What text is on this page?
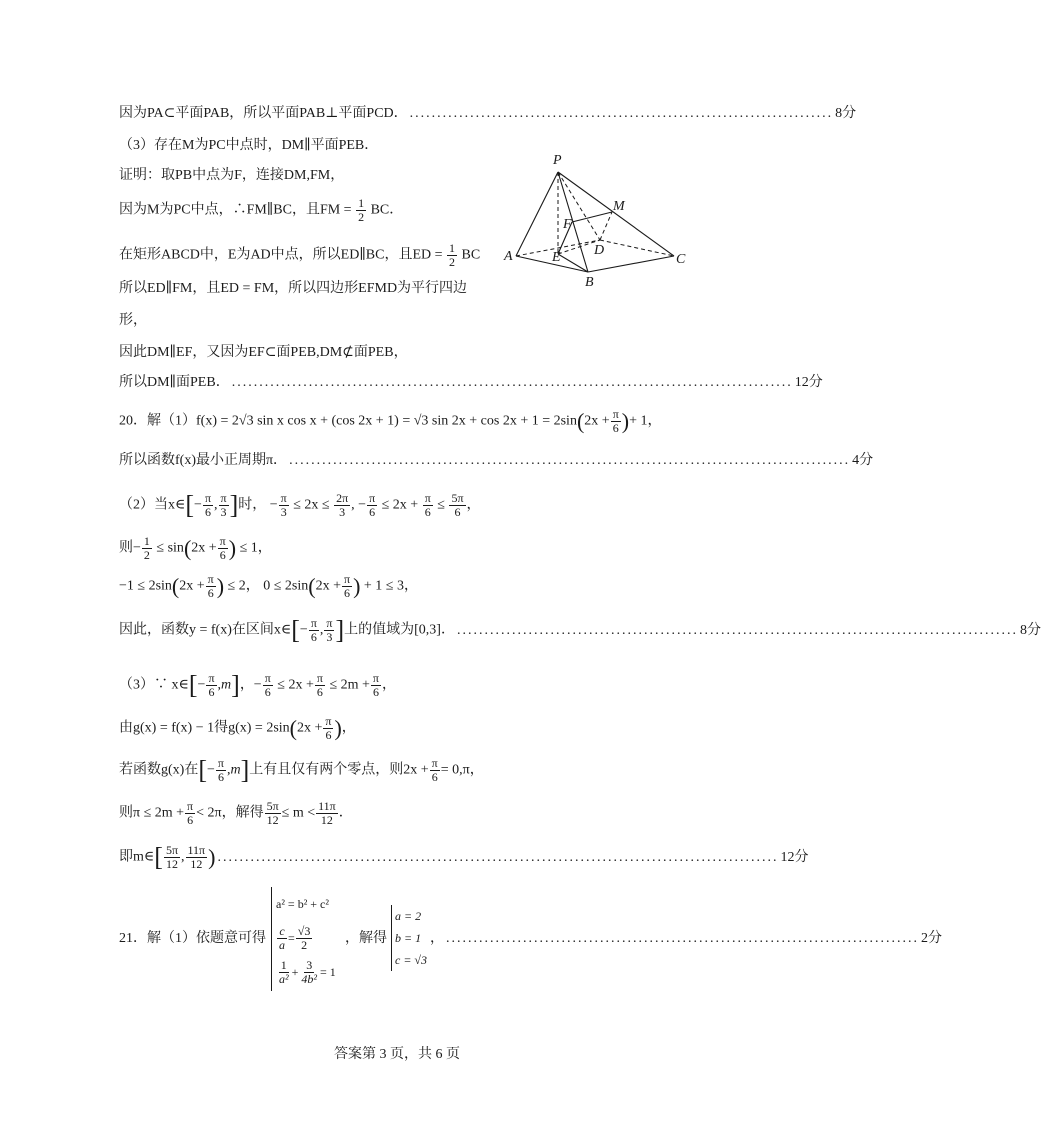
因为PA⊂平面PAB，所以平面PAB⊥平面PCD． ............................................................................. 8分
（3）存在M为PC中点时，DM∥平面PEB．
证明：取PB中点为F，连接DM,FM，
因为M为PC中点，∴FM∥BC，且FM = $\frac{1}{2}$ BC．
在矩形ABCD中，E为AD中点，所以ED∥BC，且ED = $\frac{1}{2}$ BC
所以ED∥FM，且ED = FM，所以四边形EFMD为平行四边
形，
因此DM∥EF，又因为EF⊂面PEB,DM⊄面PEB，
所以DM∥面PEB． ...................................................................................................... 12分
P
M
F
D
E
A
B
C
20．解（1）f(x) = 2√3 sin x cos x + (cos 2x + 1) = √3 $\sin 2x + \cos 2x + 1 = 2\sin(2x + \frac{\pi}{6}$ )+ 1，
所以函数f(x)最小正周期π． ...................................................................................................... 4分
（2）当x∈[− $\frac{\pi}{6}$ , $\frac{\pi}{3}$ ]时， − $\frac{\pi}{3} \le 2x \le \frac{2\pi}{3}$ , − $\frac{\pi}{6} \le 2x + \frac{\pi}{6} \le \frac{5\pi}{6}$ ，
则− $\frac{1}{2} \le \sin(2x + \frac{\pi}{6}$ ) ≤ 1，
$-1 \le 2\sin(2x + \frac{\pi}{6}$ ) ≤ 2， $0 \le 2\sin(2x + \frac{\pi}{6}$ ) + 1 ≤ 3，
因此，函数y = f(x)在区间x∈[− $\frac{\pi}{6}$ , $\frac{\pi}{3}$ ]上的值域为[0,3]． ...................................................................................................... 8分
（3）∵ x∈[− $\frac{\pi}{6} ,m$]，− $\frac{\pi}{6} \le 2x + \frac{\pi}{6} \le 2m + \frac{\pi}{6}$ ，
由g(x) = f(x) − 1得$g(x) = 2\sin(2x + \frac{\pi}{6}$ )，
若函数g(x)在[− $\frac{\pi}{6} ,m$]上有且仅有两个零点，则$2x + \frac{\pi}{6} = 0,\pi$，
则$\pi \le 2m + \frac{\pi}{6} < 2\pi$，解得 $\frac{5\pi}{12} \le m < \frac{11\pi}{12}$ ．
即m∈[ $\frac{5\pi}{12}$ , $\frac{11\pi}{12}$ ) ...................................................................................................... 12分
21．解（1）依题意可得
a² = b² + c²
$\frac{c}{a} = \frac{√3}{2}$
$\frac{1}{\text{a²}} + \frac{3}{\text{4b²}} = 1$
，解得
a = 2
b = 1
c = √3
， ...................................................................................... 2分
答案第 3 页，共 6 页
